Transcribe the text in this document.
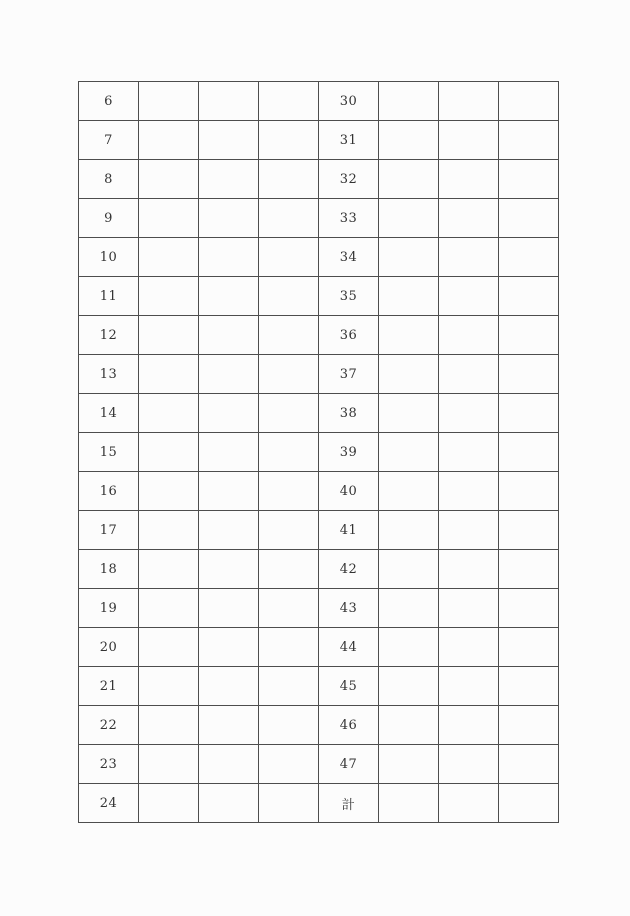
6				30			
7				31			
8				32			
9				33			
10				34			
11				35			
12				36			
13				37			
14				38			
15				39			
16				40			
17				41			
18				42			
19				43			
20				44			
21				45			
22				46			
23				47			
24				計			
